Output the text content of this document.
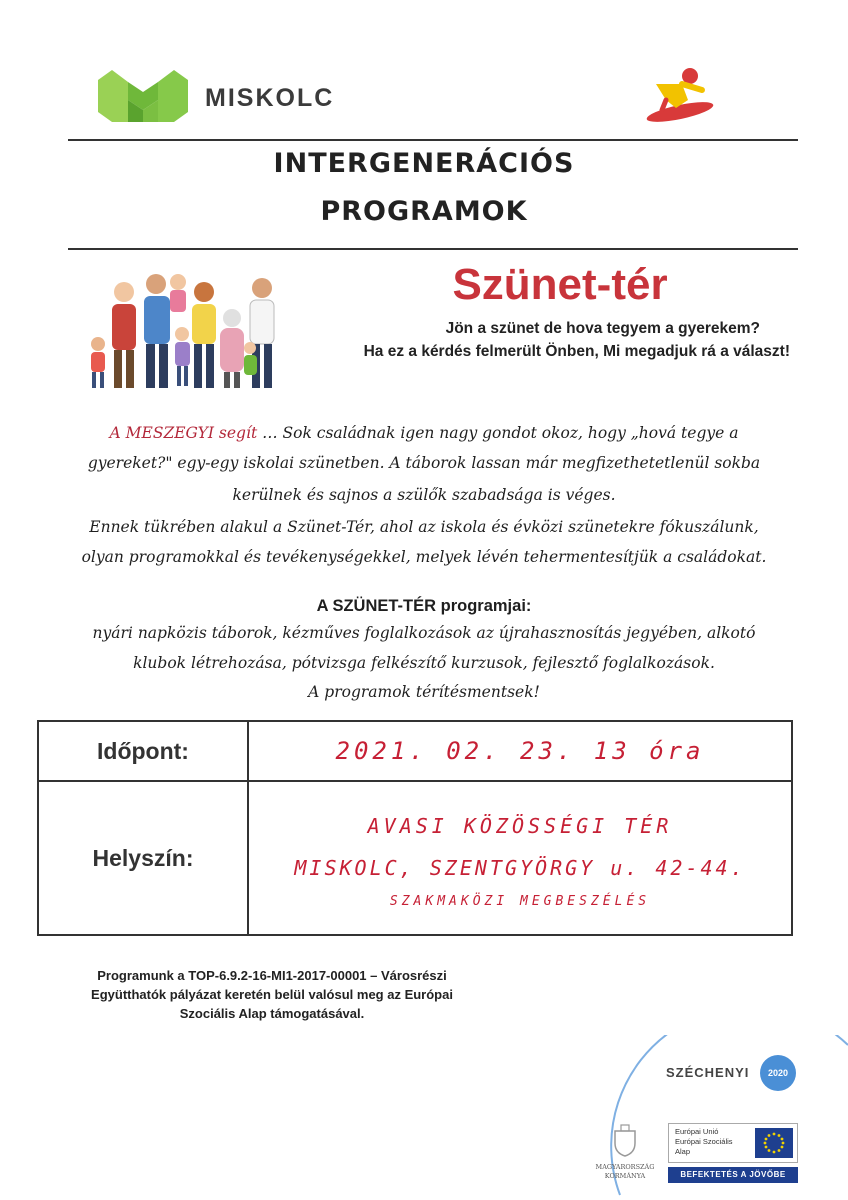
MISKOLC
INTERGENERÁCIÓS
PROGRAMOK
Szünet-tér
Jön a szünet de hova tegyem a gyerekem?
Ha ez a kérdés felmerült Önben, Mi megadjuk rá a választ!
A MESZEGYI segít … Sok családnak igen nagy gondot okoz, hogy „hová tegye a
gyereket?" egy-egy iskolai szünetben. A táborok lassan már megfizethetetlenül sokba
kerülnek és sajnos a szülők szabadsága is véges.
Ennek tükrében alakul a Szünet-Tér, ahol az iskola és évközi szünetekre fókuszálunk,
olyan programokkal és tevékenységekkel, melyek lévén tehermentesítjük a családokat.
A SZÜNET-TÉR programjai:
nyári napközis táborok, kézműves foglalkozások az újrahasznosítás jegyében, alkotó
klubok létrehozása, pótvizsga felkészítő kurzusok, fejlesztő foglalkozások.
A programok térítésmentsek!
Időpont:	2021. 02. 23. 13 óra

Helyszín:	AVASI KÖZÖSSÉGI TÉR
MISKOLC, SZENTGYÖRGY u. 42-44.
SZAKMAKÖZI MEGBESZÉLÉS
Programunk a TOP-6.9.2-16-MI1-2017-00001 – Városrészi
Együtthatók pályázat keretén belül valósul meg az Európai
Szociális Alap támogatásával.
SZÉCHENYI	2020
MAGYARORSZÁG
KORMÁNYA
Európai Unió
Európai Szociális
Alap
BEFEKTETÉS A JÖVŐBE
